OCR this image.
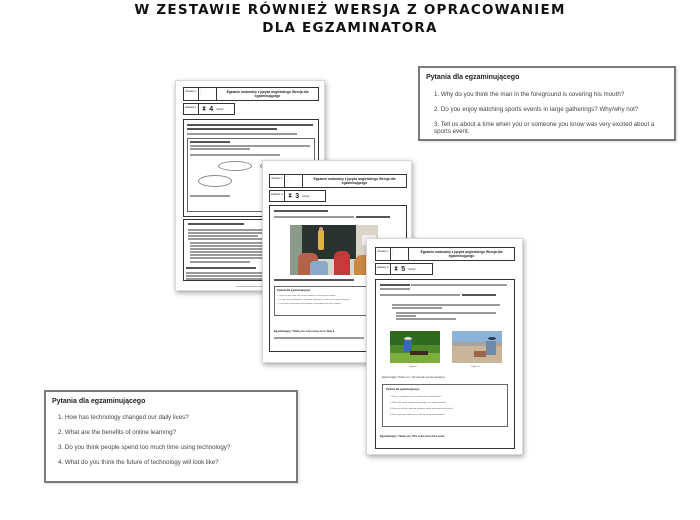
W ZESTAWIE RÓWNIEŻ WERSJA Z OPRACOWANIEM
DLA EGZAMINATORA
Pytania dla egzaminującego
1. Why do you think the man in the foreground is covering his mouth?
2. Do you enjoy watching sports events in large gatherings? Why/why not?
3. Tell us about a time when you or someone you know was very excited about a sports event.
Pytania dla egzaminującego
1. How has technology changed our daily lives?
2. What are the benefits of online learning?
3. Do you think people spend too much time using technology?
4. What do you think the future of technology will look like?
Zestaw 1.	• · · ·
• · ·
• · · ·
Egzamin maturalny z języka angielskiego Wersja dla egzaminującego
Zadanie 1. ⧗ 4 minuty
Zestaw 1.	• · · ·
• · ·
• · · ·
Egzamin maturalny z języka angielskiego Wersja dla egzaminującego
Zadanie 2. ⧗ 3 minuty
Pytania dla egzaminującego
1. Why do you think one of the students is raising their hand?
2. Do you think traditional classroom learning is better than online learning?
3. Describe a time when you helped a classmate with their studies.
Egzaminujący: Thank you. Let's move on to Task 3.
Zestaw 1.	• · · ·
• · ·
• · · ·
Egzamin maturalny z języka angielskiego Wersja dla egzaminującego
Zadanie 3. ⧗ 5 minuty
Zdjęcie 1	Zdjęcie 2
Egzaminujący: Thank you. I will now ask you two questions.
Pytania dla egzaminującego
1. Why is it important to care about the environment?
2. What are some simple ways people can reduce waste?
3. How do schools educate students about environmental issues?
4. Have you ever taken part in an environmental project?
Egzaminujący: Thank you. This is the end of the exam.
